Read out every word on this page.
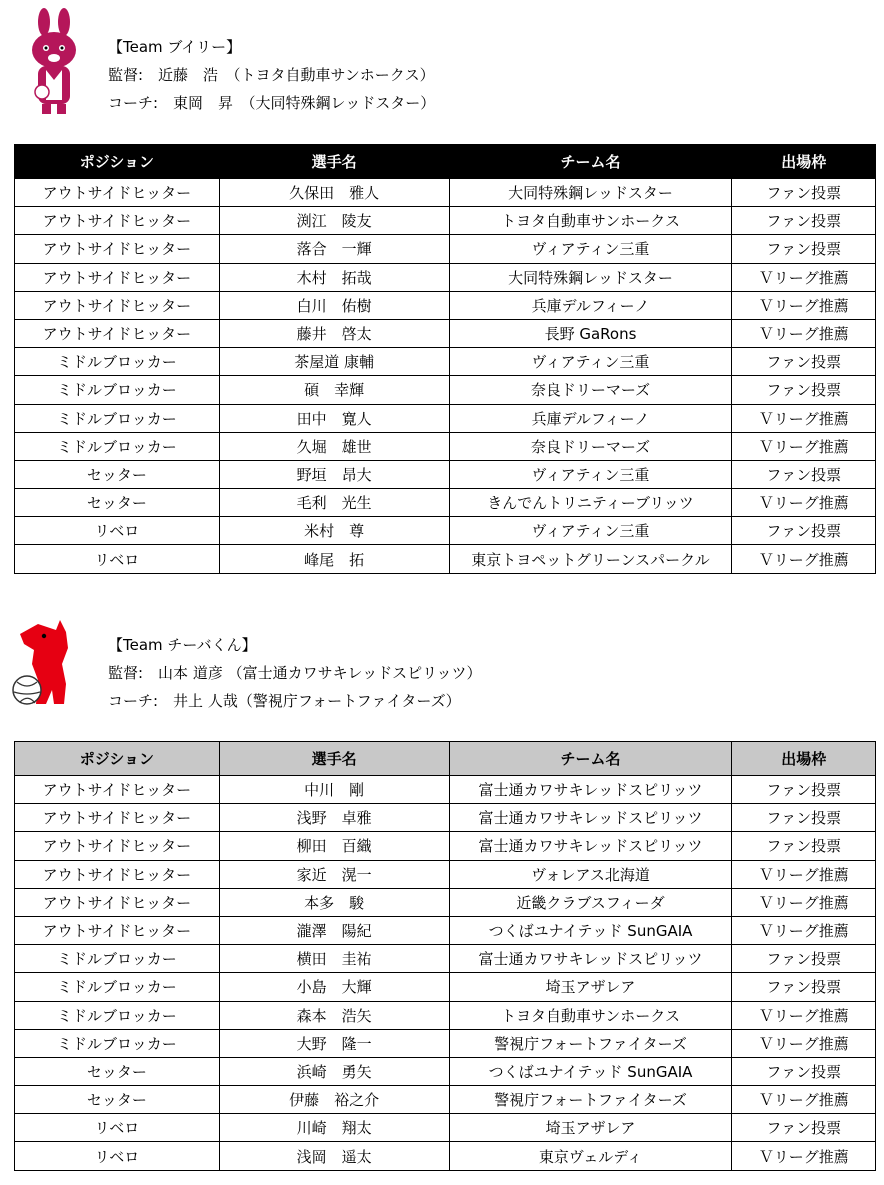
【Team ブイリー】
監督:　近藤　浩　（トヨタ自動車サンホークス）
コーチ:　東岡　昇　（大同特殊鋼レッドスター）
ポジション	選手名	チーム名	出場枠
アウトサイドヒッター	久保田　雅人	大同特殊鋼レッドスター	ファン投票
アウトサイドヒッター	渕江　陵友	トヨタ自動車サンホークス	ファン投票
アウトサイドヒッター	落合　一輝	ヴィアティン三重	ファン投票
アウトサイドヒッター	木村　拓哉	大同特殊鋼レッドスター	Ｖリーグ推薦
アウトサイドヒッター	白川　佑樹	兵庫デルフィーノ	Ｖリーグ推薦
アウトサイドヒッター	藤井　啓太	長野 GaRons	Ｖリーグ推薦
ミドルブロッカー	茶屋道 康輔	ヴィアティン三重	ファン投票
ミドルブロッカー	碩　幸輝	奈良ドリーマーズ	ファン投票
ミドルブロッカー	田中　寛人	兵庫デルフィーノ	Ｖリーグ推薦
ミドルブロッカー	久堀　雄世	奈良ドリーマーズ	Ｖリーグ推薦
セッター	野垣　昂大	ヴィアティン三重	ファン投票
セッター	毛利　光生	きんでんトリニティーブリッツ	Ｖリーグ推薦
リベロ	米村　尊	ヴィアティン三重	ファン投票
リベロ	峰尾　拓	東京トヨペットグリーンスパークル	Ｖリーグ推薦
【Team チーバくん】
監督:　山本 道彦 （富士通カワサキレッドスピリッツ）
コーチ:　井上 人哉（警視庁フォートファイターズ）
ポジション	選手名	チーム名	出場枠
アウトサイドヒッター	中川　剛	富士通カワサキレッドスピリッツ	ファン投票
アウトサイドヒッター	浅野　卓雅	富士通カワサキレッドスピリッツ	ファン投票
アウトサイドヒッター	柳田　百織	富士通カワサキレッドスピリッツ	ファン投票
アウトサイドヒッター	家近　滉一	ヴォレアス北海道	Ｖリーグ推薦
アウトサイドヒッター	本多　駿	近畿クラブスフィーダ	Ｖリーグ推薦
アウトサイドヒッター	瀧澤　陽紀	つくばユナイテッド SunGAIA	Ｖリーグ推薦
ミドルブロッカー	横田　圭祐	富士通カワサキレッドスピリッツ	ファン投票
ミドルブロッカー	小島　大輝	埼玉アザレア	ファン投票
ミドルブロッカー	森本　浩矢	トヨタ自動車サンホークス	Ｖリーグ推薦
ミドルブロッカー	大野　隆一	警視庁フォートファイターズ	Ｖリーグ推薦
セッター	浜崎　勇矢	つくばユナイテッド SunGAIA	ファン投票
セッター	伊藤　裕之介	警視庁フォートファイターズ	Ｖリーグ推薦
リベロ	川崎　翔太	埼玉アザレア	ファン投票
リベロ	浅岡　遥太	東京ヴェルディ	Ｖリーグ推薦
